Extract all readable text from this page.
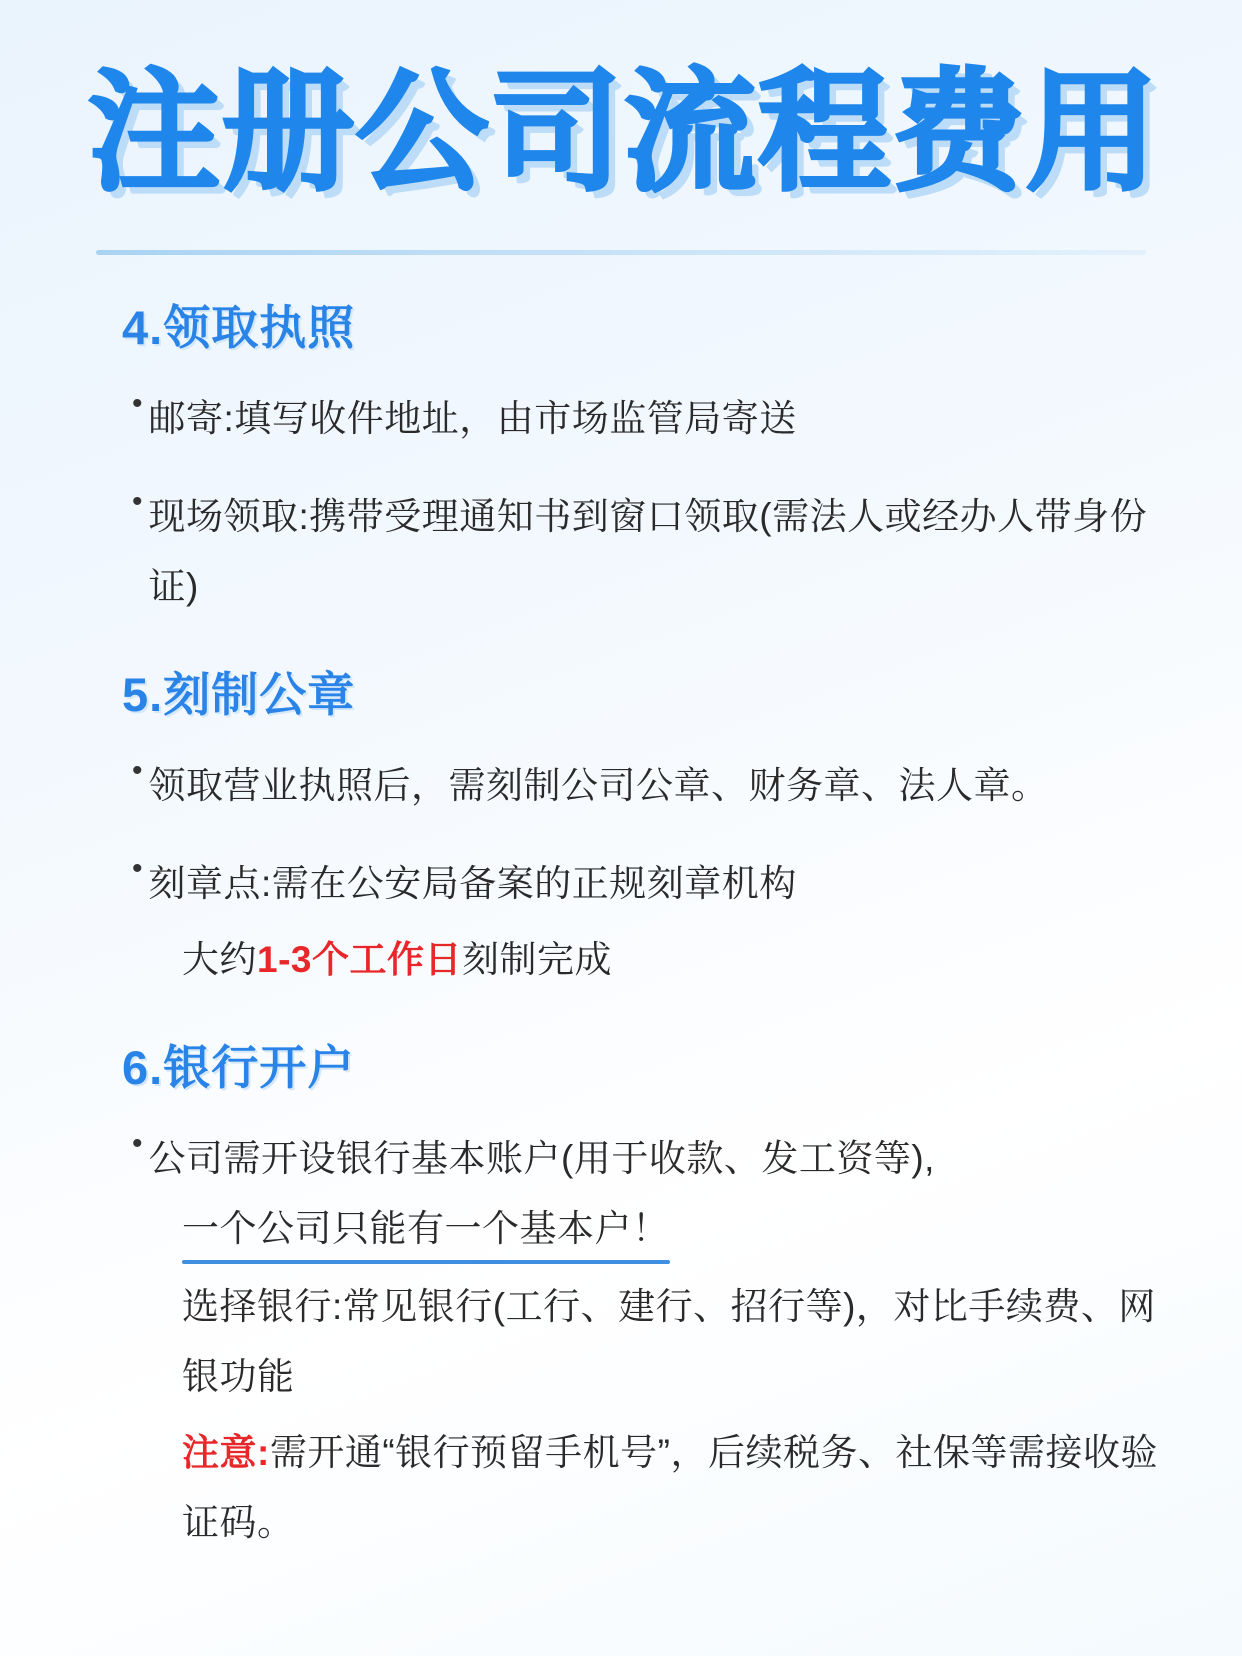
注册公司流程费用
4.领取执照
• 邮寄:填写收件地址，由市场监管局寄送
• 现场领取:携带受理通知书到窗口领取(需法人或经办人带身份证)
5.刻制公章
• 领取营业执照后，需刻制公司公章、财务章、法人章。
• 刻章点:需在公安局备案的正规刻章机构
大约1-3个工作日刻制完成
6.银行开户
• 公司需开设银行基本账户(用于收款、发工资等),
一个公司只能有一个基本户！
选择银行:常见银行(工行、建行、招行等)，对比手续费、网银功能
注意:需开通“银行预留手机号”，后续税务、社保等需接收验证码。
